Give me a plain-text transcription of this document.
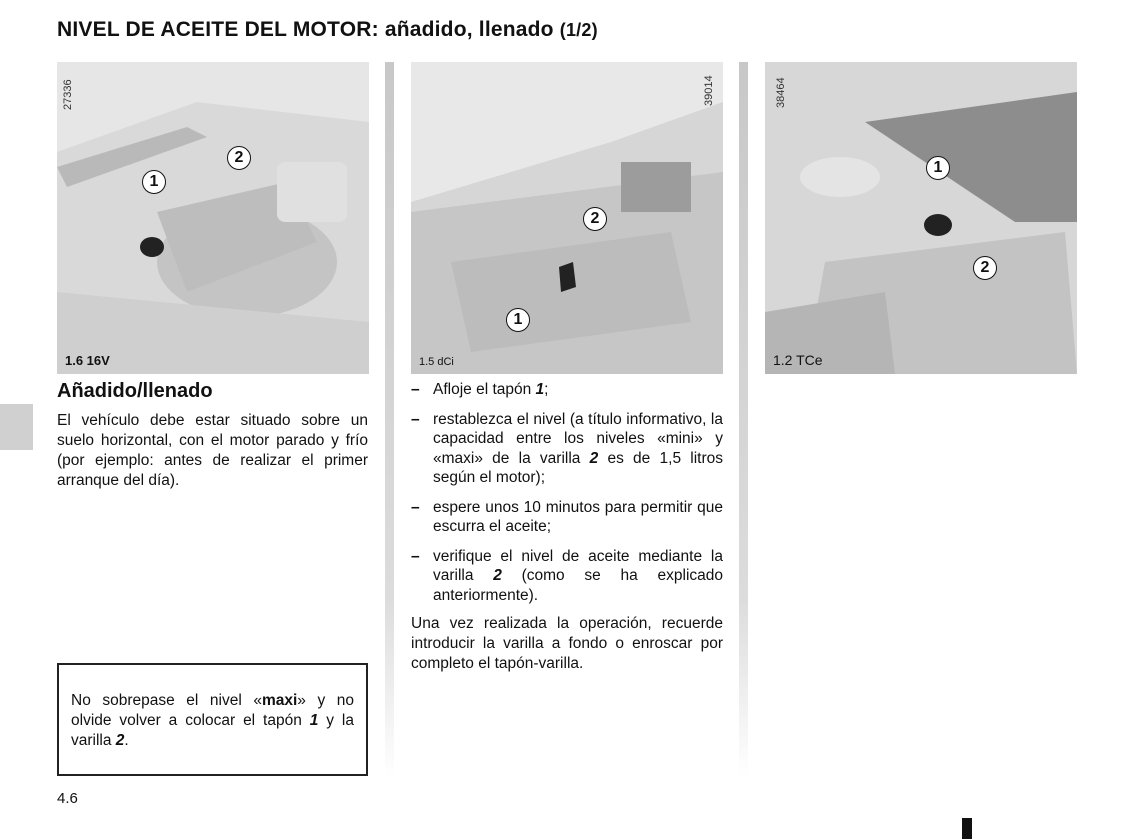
NIVEL DE ACEITE DEL MOTOR: añadido, llenado (1/2)
27336
1
2
1.6 16V
39014
2
1
1.5 dCi
38464
1
2
1.2 TCe
Añadido/llenado
El vehículo debe estar situado sobre un suelo horizontal, con el motor parado y frío (por ejemplo: antes de realizar el primer arranque del día).
No sobrepase el nivel «maxi» y no olvide volver a colocar el tapón 1 y la varilla 2.
– Afloje el tapón 1;
– restablezca el nivel (a título informativo, la capacidad entre los niveles «mini» y «maxi» de la varilla 2 es de 1,5 litros según el motor);
– espere unos 10 minutos para permitir que escurra el aceite;
– verifique el nivel de aceite mediante la varilla 2 (como se ha explicado anteriormente).
Una vez realizada la operación, recuerde introducir la varilla a fondo o enroscar por completo el tapón-varilla.
4.6
